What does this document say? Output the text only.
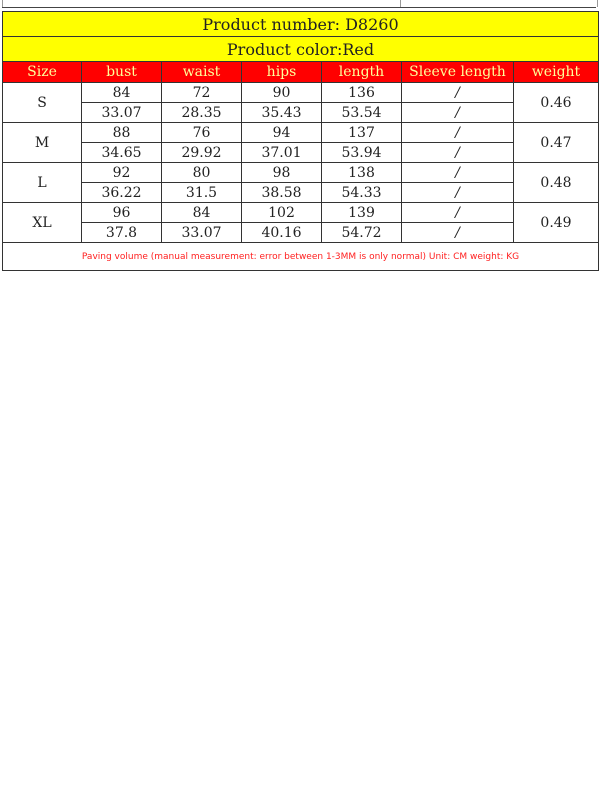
Product number: D8260						
Product color:Red						
Size	bust	waist	hips	length	Sleeve length	weight
S	84	72	90	136	/	0.46
	33.07	28.35	35.43	53.54	/	
M	88	76	94	137	/	0.47
	34.65	29.92	37.01	53.94	/	
L	92	80	98	138	/	0.48
	36.22	31.5	38.58	54.33	/	
XL	96	84	102	139	/	0.49
	37.8	33.07	40.16	54.72	/	
Paving volume (manual measurement: error between 1-3MM is only normal) Unit: CM weight: KG						
